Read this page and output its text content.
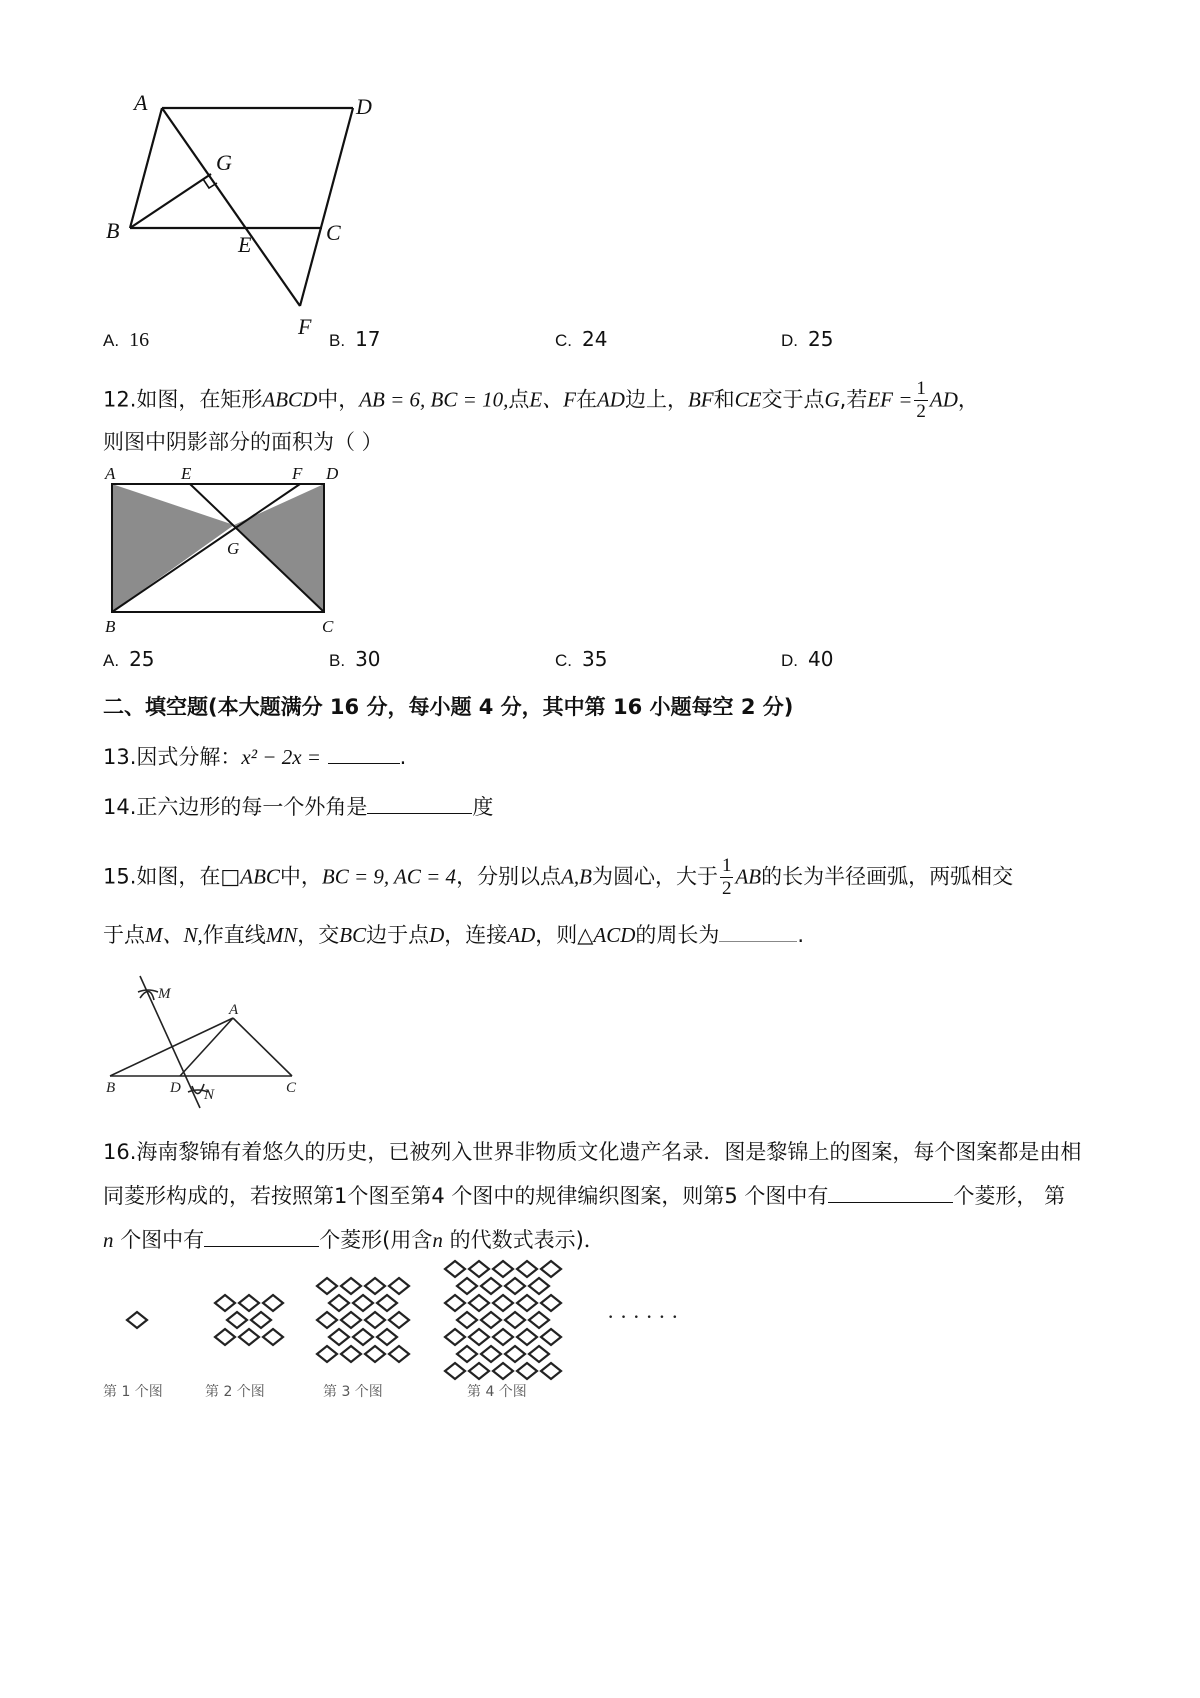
A	D
G
B	C
E
F
A. 16	B. 17	C. 24	D. 25
12.如图，在矩形ABCD中，AB = 6, BC = 10,点E、F在AD边上，BF和CE交于点G,若EF = $\frac{1}{2}$ AD，
则图中阴影部分的面积为（ ）
A	E	F D
G
B	C
A. 25	B. 30	C. 35	D. 40
二、填空题(本大题满分 16 分，每小题 4 分，其中第 16 小题每空 2 分)
13.因式分解：x² − 2x =	.
14.正六边形的每一个外角是	度
15.如图，在□ABC中，BC = 9, AC = 4，分别以点A,B为圆心，大于 $\frac{1}{2}$ AB的长为半径画弧，两弧相交
于点M、N,作直线MN，交BC边于点D，连接AD，则△ACD的周长为	.
M
A
B	D N	C
16.海南黎锦有着悠久的历史，已被列入世界非物质文化遗产名录．图是黎锦上的图案，每个图案都是由相
同菱形构成的，若按照第1个图至第4 个图中的规律编织图案，则第5 个图中有	个菱形， 第
n 个图中有	个菱形(用含n 的代数式表示)．
· · · · · ·
第 1 个图	第 2 个图	第 3 个图	第 4 个图
